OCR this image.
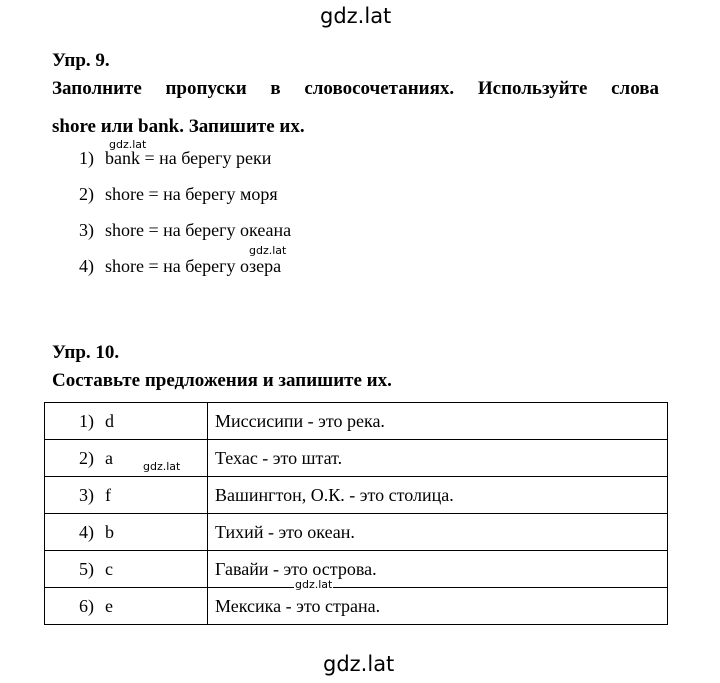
gdz.lat
Упр. 9.
Заполните пропуски в словосочетаниях. Используйте слова
shore или bank. Запишите их.
1) bank = на берегу реки
2) shore = на берегу моря
3) shore = на берегу океана
4) shore = на берегу озера
gdz.lat
gdz.lat
Упр. 10.
Составьте предложения и запишите их.
1) d	Миссисипи - это река.
2) a	Техас - это штат.
3) f	Вашингтон, О.К. - это столица.
4) b	Тихий - это океан.
5) c	Гавайи - это острова.
6) e	Мексика - это страна.
gdz.lat
gdz.lat
gdz.lat
